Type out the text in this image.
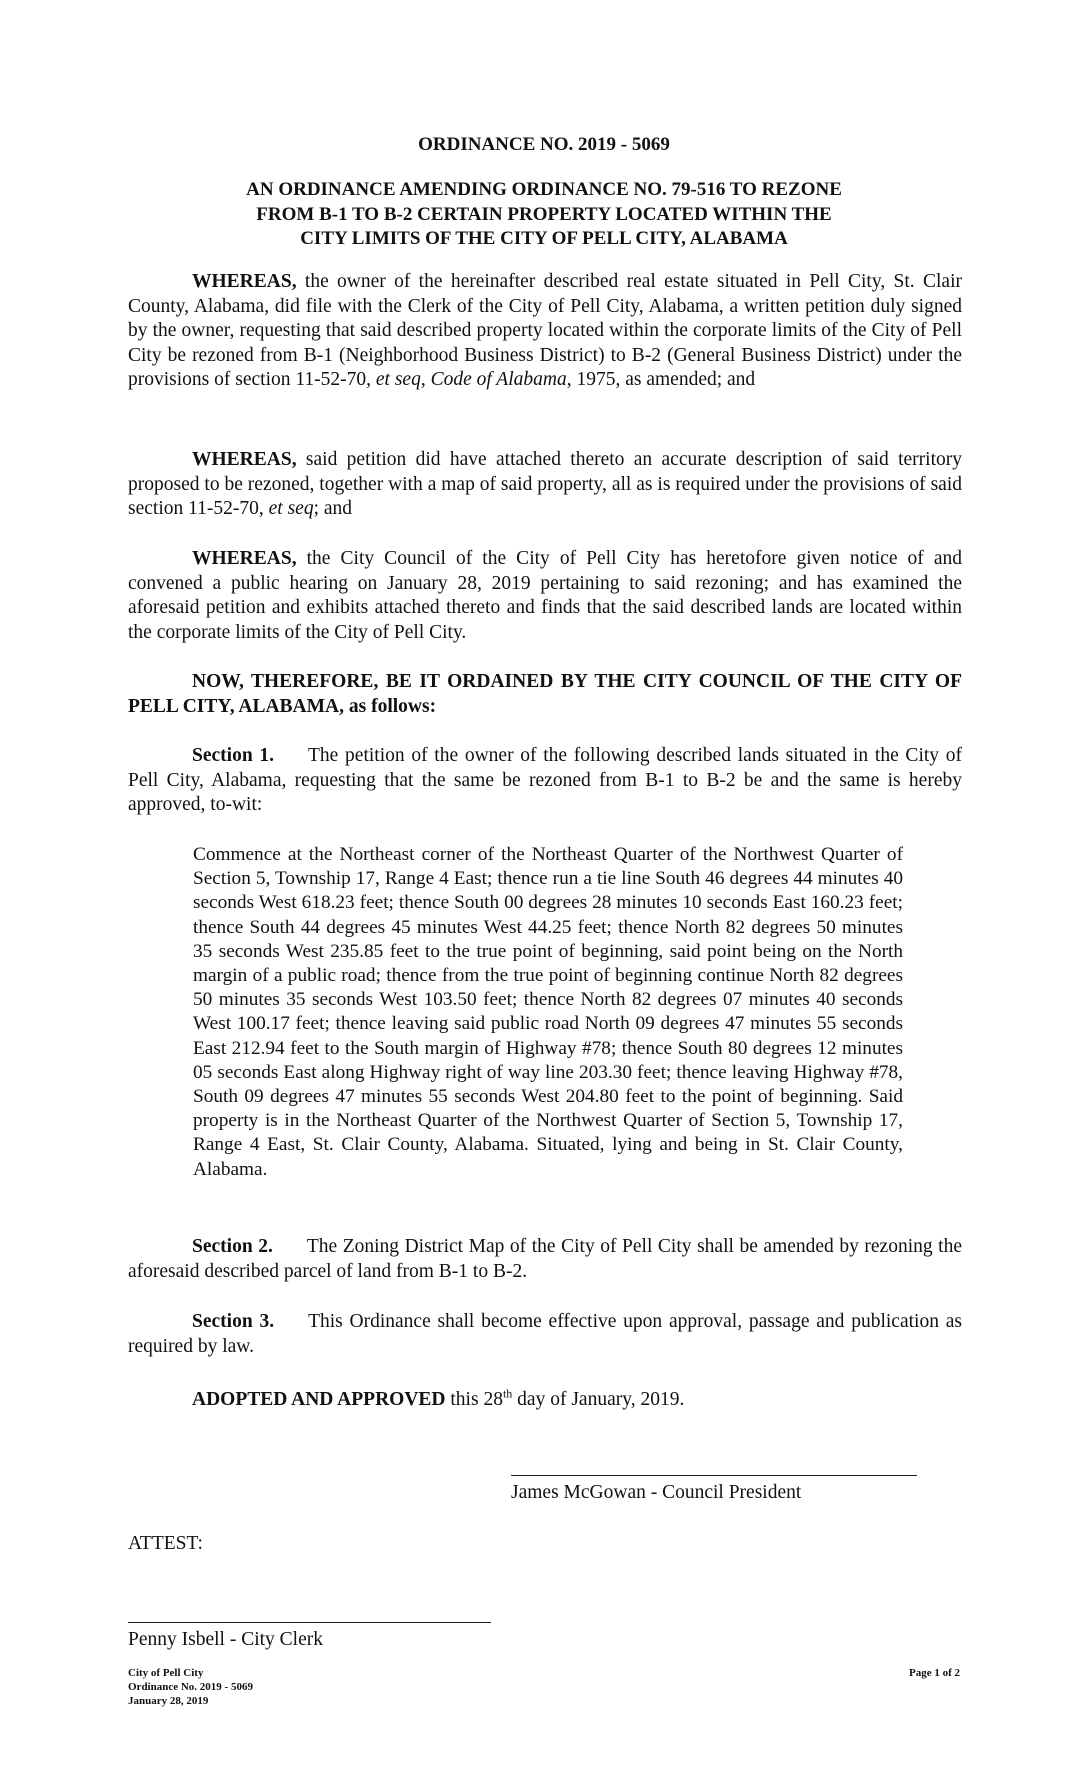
ORDINANCE NO. 2019 - 5069
AN ORDINANCE AMENDING ORDINANCE NO. 79-516 TO REZONE
FROM B-1 TO B-2 CERTAIN PROPERTY LOCATED WITHIN THE
CITY LIMITS OF THE CITY OF PELL CITY, ALABAMA
WHEREAS, the owner of the hereinafter described real estate situated in Pell City, St. Clair County, Alabama, did file with the Clerk of the City of Pell City, Alabama, a written petition duly signed by the owner, requesting that said described property located within the corporate limits of the City of Pell City be rezoned from B-1 (Neighborhood Business District) to B-2 (General Business District) under the provisions of section 11-52-70, et seq, Code of Alabama, 1975, as amended; and
WHEREAS, said petition did have attached thereto an accurate description of said territory proposed to be rezoned, together with a map of said property, all as is required under the provisions of said section 11-52-70, et seq; and
WHEREAS, the City Council of the City of Pell City has heretofore given notice of and convened a public hearing on January 28, 2019 pertaining to said rezoning; and has examined the aforesaid petition and exhibits attached thereto and finds that the said described lands are located within the corporate limits of the City of Pell City.
NOW, THEREFORE, BE IT ORDAINED BY THE CITY COUNCIL OF THE CITY OF PELL CITY, ALABAMA, as follows:
Section 1. The petition of the owner of the following described lands situated in the City of Pell City, Alabama, requesting that the same be rezoned from B-1 to B-2 be and the same is hereby approved, to-wit:
Commence at the Northeast corner of the Northeast Quarter of the Northwest Quarter of Section 5, Township 17, Range 4 East; thence run a tie line South 46 degrees 44 minutes 40 seconds West 618.23 feet; thence South 00 degrees 28 minutes 10 seconds East 160.23 feet; thence South 44 degrees 45 minutes West 44.25 feet; thence North 82 degrees 50 minutes 35 seconds West 235.85 feet to the true point of beginning, said point being on the North margin of a public road; thence from the true point of beginning continue North 82 degrees 50 minutes 35 seconds West 103.50 feet; thence North 82 degrees 07 minutes 40 seconds West 100.17 feet; thence leaving said public road North 09 degrees 47 minutes 55 seconds East 212.94 feet to the South margin of Highway #78; thence South 80 degrees 12 minutes 05 seconds East along Highway right of way line 203.30 feet; thence leaving Highway #78, South 09 degrees 47 minutes 55 seconds West 204.80 feet to the point of beginning. Said property is in the Northeast Quarter of the Northwest Quarter of Section 5, Township 17, Range 4 East, St. Clair County, Alabama. Situated, lying and being in St. Clair County, Alabama.
Section 2. The Zoning District Map of the City of Pell City shall be amended by rezoning the aforesaid described parcel of land from B-1 to B-2.
Section 3. This Ordinance shall become effective upon approval, passage and publication as required by law.
ADOPTED AND APPROVED this 28th day of January, 2019.
James McGowan - Council President
ATTEST:
Penny Isbell - City Clerk
City of Pell City
Ordinance No. 2019 - 5069
January 28, 2019
Page 1 of 2
